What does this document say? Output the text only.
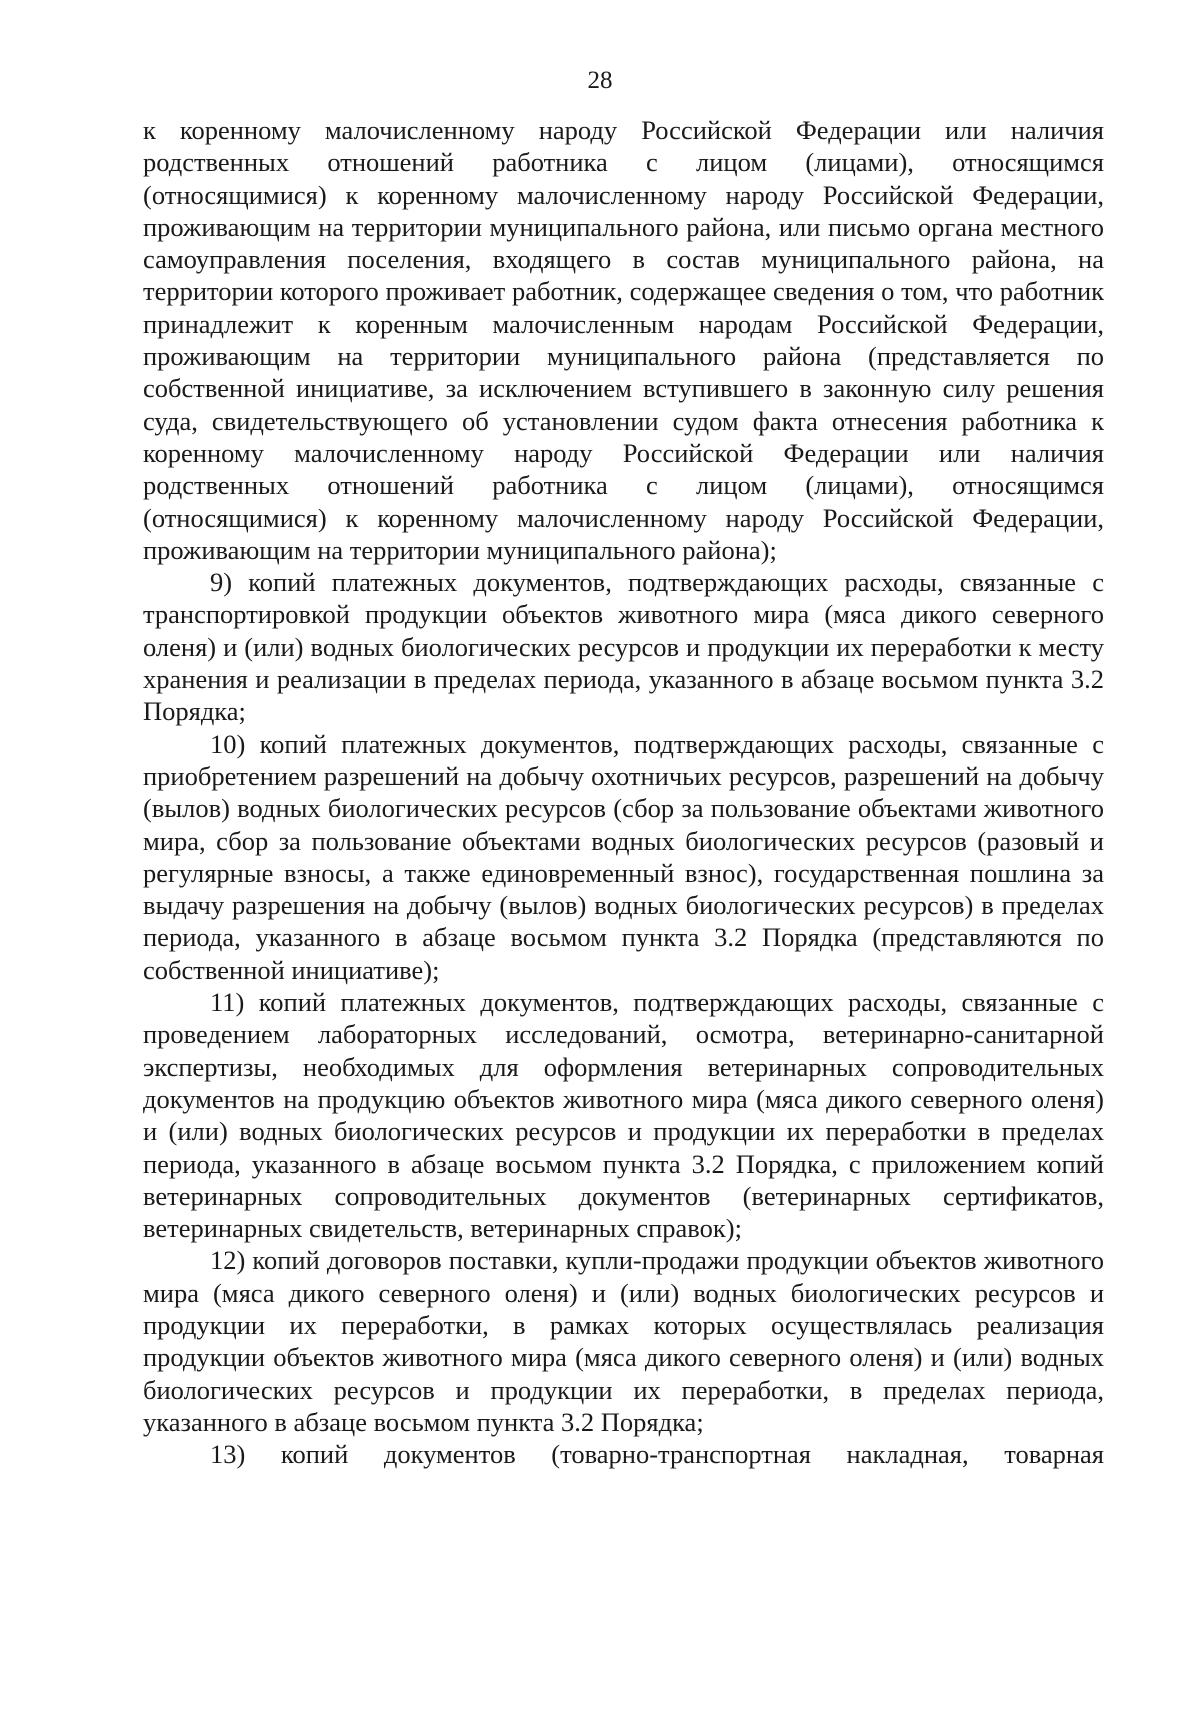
28

к коренному малочисленному народу Российской Федерации или наличия родственных отношений работника с лицом (лицами), относящимся (относящимися) к коренному малочисленному народу Российской Федерации, проживающим на территории муниципального района, или письмо органа местного самоуправления поселения, входящего в состав муниципального района, на территории которого проживает работник, содержащее сведения о том, что работник принадлежит к коренным малочисленным народам Российской Федерации, проживающим на территории муниципального района (представляется по собственной инициативе, за исключением вступившего в законную силу решения суда, свидетельствующего об установлении судом факта отнесения работника к коренному малочисленному народу Российской Федерации или наличия родственных отношений работника с лицом (лицами), относящимся (относящимися) к коренному малочисленному народу Российской Федерации, проживающим на территории муниципального района);

9) копий платежных документов, подтверждающих расходы, связанные с транспортировкой продукции объектов животного мира (мяса дикого северного оленя) и (или) водных биологических ресурсов и продукции их переработки к месту хранения и реализации в пределах периода, указанного в абзаце восьмом пункта 3.2 Порядка;

10) копий платежных документов, подтверждающих расходы, связанные с приобретением разрешений на добычу охотничьих ресурсов, разрешений на добычу (вылов) водных биологических ресурсов (сбор за пользование объектами животного мира, сбор за пользование объектами водных биологических ресурсов (разовый и регулярные взносы, а также единовременный взнос), государственная пошлина за выдачу разрешения на добычу (вылов) водных биологических ресурсов) в пределах периода, указанного в абзаце восьмом пункта 3.2 Порядка (представляются по собственной инициативе);

11) копий платежных документов, подтверждающих расходы, связанные с проведением лабораторных исследований, осмотра, ветеринарно-санитарной экспертизы, необходимых для оформления ветеринарных сопроводительных документов на продукцию объектов животного мира (мяса дикого северного оленя) и (или) водных биологических ресурсов и продукции их переработки в пределах периода, указанного в абзаце восьмом пункта 3.2 Порядка, с приложением копий ветеринарных сопроводительных документов (ветеринарных сертификатов, ветеринарных свидетельств, ветеринарных справок);

12) копий договоров поставки, купли-продажи продукции объектов животного мира (мяса дикого северного оленя) и (или) водных биологических ресурсов и продукции их переработки, в рамках которых осуществлялась реализация продукции объектов животного мира (мяса дикого северного оленя) и (или) водных биологических ресурсов и продукции их переработки, в пределах периода, указанного в абзаце восьмом пункта 3.2 Порядка;

13) копий документов (товарно-транспортная накладная, товарная
